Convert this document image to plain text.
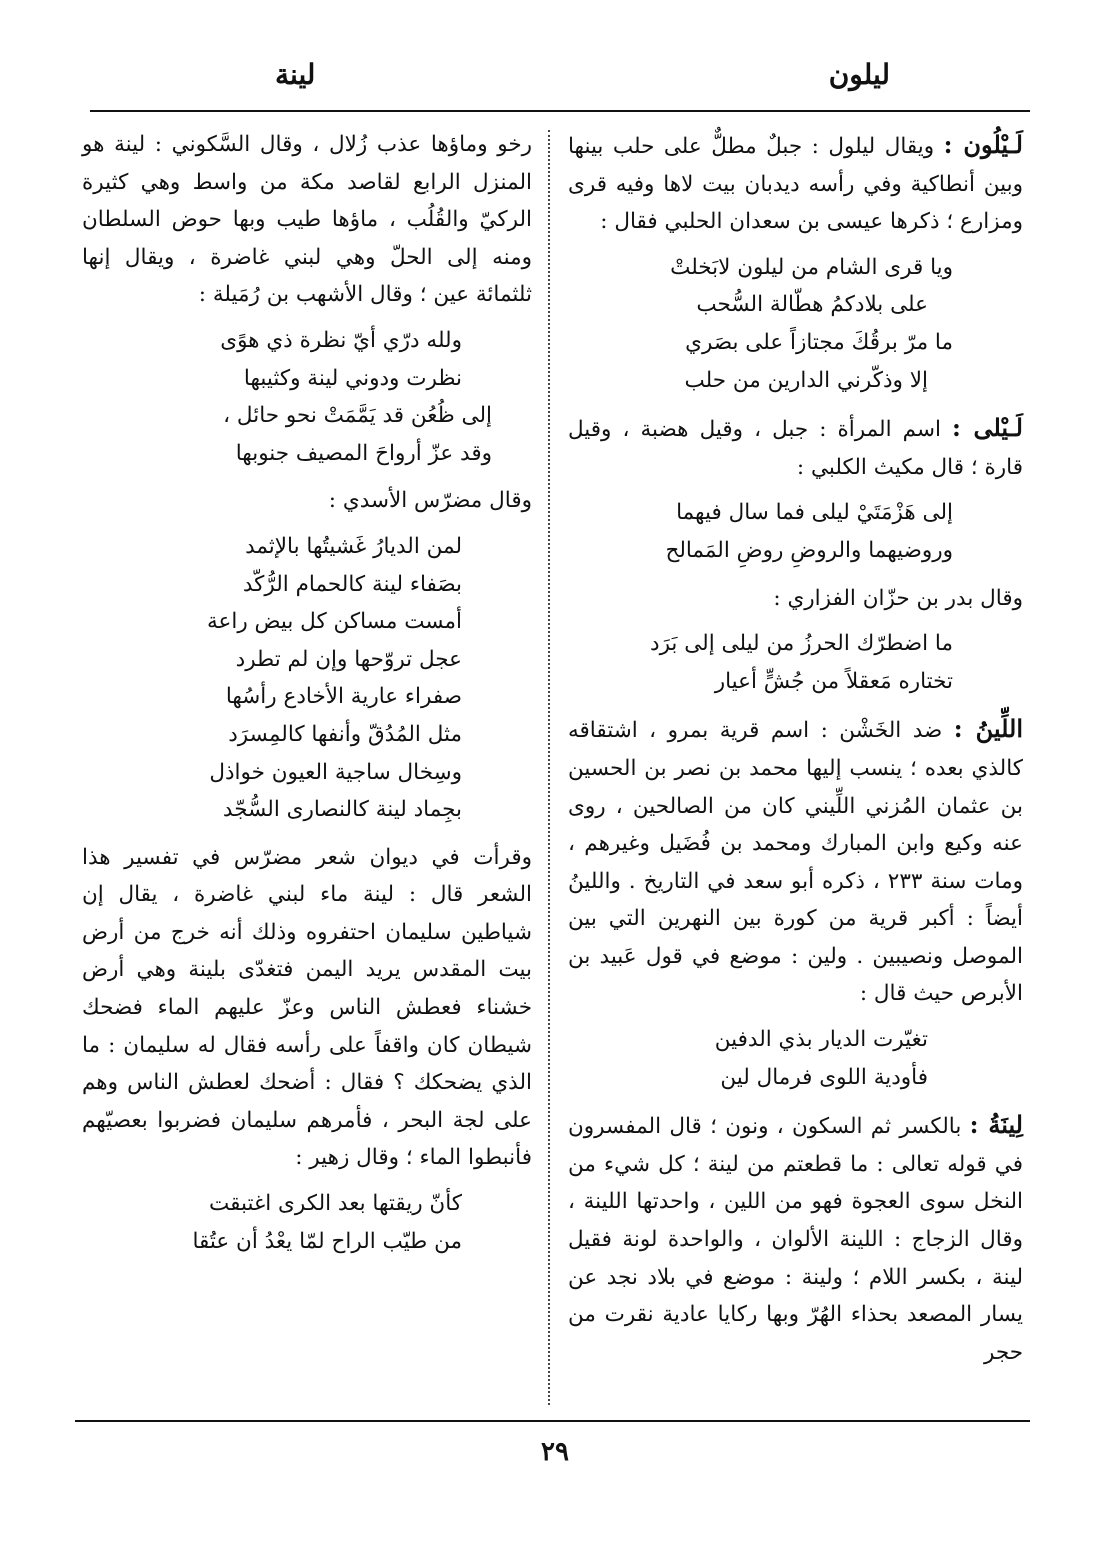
ليلون
لينة

لَـيْلُون : ويقال ليلول : جبلٌ مطلٌّ على حلب بينها وبين أنطاكية وفي رأسه ديدبان بيت لاها وفيه قرى ومزارع ؛ ذكرها عيسى بن سعدان الحلبي فقال :

ويا قرى الشام من ليلون لابَخلتْ
على بلادكمُ هطّالة السُّحب
ما مرّ برقُكَ مجتازاً على بصَري
إلا وذكّرني الدارين من حلب

لَـيْلى : اسم المرأة : جبل ، وقيل هضبة ، وقيل قارة ؛ قال مكيث الكلبي :

إلى هَزْمَتَيْ ليلى فما سال فيهما
وروضيهما والروضِ روضِ المَمالح

وقال بدر بن حزّان الفزاري :

ما اضطرّك الحرزُ من ليلى إلى بَرَد
تختاره مَعقلاً من جُشٍّ أعيار

اللِّينُ : ضد الخَشْن : اسم قرية بمرو ، اشتقاقه كالذي بعده ؛ ينسب إليها محمد بن نصر بن الحسين بن عثمان المُزني اللِّيني كان من الصالحين ، روى عنه وكيع وابن المبارك ومحمد بن فُضَيل وغيرهم ، ومات سنة ٢٣٣ ، ذكره أبو سعد في التاريخ . واللينُ أيضاً : أكبر قرية من كورة بين النهرين التي بين الموصل ونصيبين . ولين : موضع في قول عَبيد بن الأبرص حيث قال :

تغيّرت الديار بذي الدفين
فأودية اللوى فرمال لين

لِينَةُ : بالكسر ثم السكون ، ونون ؛ قال المفسرون في قوله تعالى : ما قطعتم من لينة ؛ كل شيء من النخل سوى العجوة فهو من اللين ، واحدتها اللينة ، وقال الزجاج : اللينة الألوان ، والواحدة لونة فقيل لينة ، بكسر اللام ؛ ولينة : موضع في بلاد نجد عن يسار المصعد بحذاء الهُرّ وبها ركايا عادية نقرت من حجر

رخو وماؤها عذب زُلال ، وقال السَّكوني : لينة هو المنزل الرابع لقاصد مكة من واسط وهي كثيرة الركيّ والقُلُب ، ماؤها طيب وبها حوض السلطان ومنه إلى الحلّ وهي لبني غاضرة ، ويقال إنها ثلثمائة عين ؛ وقال الأشهب بن رُمَيلة :

ولله درّي أيّ نظرة ذي هوًى
نظرت ودوني لينة وكثيبها
إلى ظُعُن قد يَمَّمَتْ نحو حائل ،
وقد عزّ أرواحَ المصيف جنوبها

وقال مضرّس الأسدي :

لمن الديارُ غَشيتُها بالإثمد
بصَفاء لينة كالحمام الرُّكّد
أمست مساكن كل بيض راعة
عجل تروّحها وإن لم تطرد
صفراء عارية الأخادع رأسُها
مثل المُدُقّ وأنفها كالمِسرَد
وسِخال ساجية العيون خواذل
بجِماد لينة كالنصارى السُّجّد

وقرأت في ديوان شعر مضرّس في تفسير هذا الشعر قال : لينة ماء لبني غاضرة ، يقال إن شياطين سليمان احتفروه وذلك أنه خرج من أرض بيت المقدس يريد اليمن فتغدّى بلينة وهي أرض خشناء فعطش الناس وعزّ عليهم الماء فضحك شيطان كان واقفاً على رأسه فقال له سليمان : ما الذي يضحكك ؟ فقال : أضحك لعطش الناس وهم على لجة البحر ، فأمرهم سليمان فضربوا بعصيّهم فأنبطوا الماء ؛ وقال زهير :

كأنّ ريقتها بعد الكرى اغتبقت
من طيّب الراح لمّا يعْدُ أن عتُقا
٢٩
